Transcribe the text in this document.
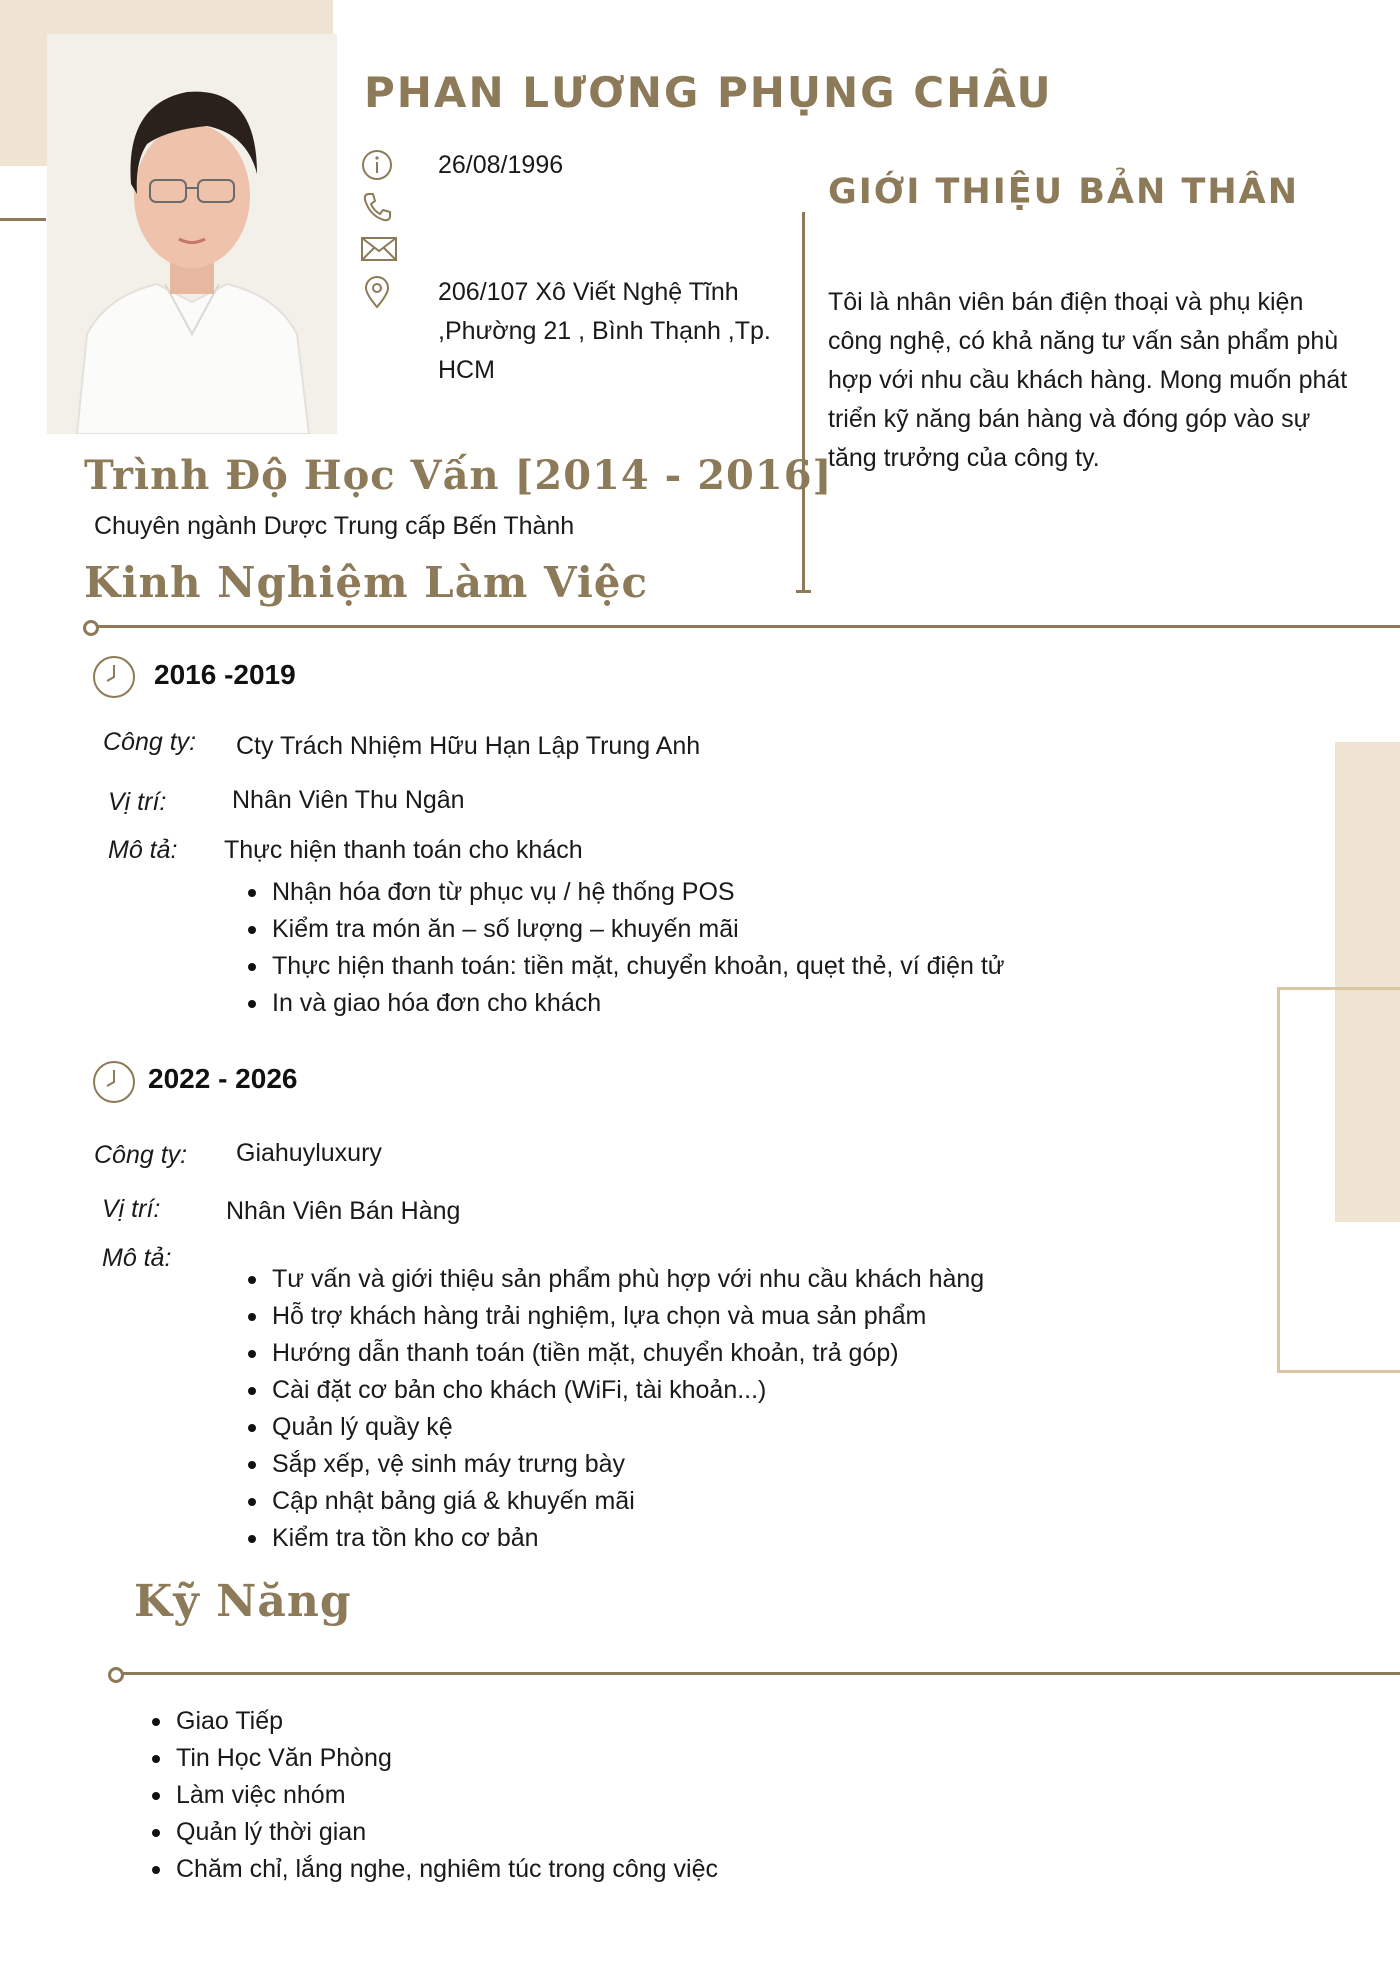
PHAN LƯƠNG PHỤNG CHÂU
26/08/1996
206/107 Xô Viết Nghệ Tĩnh ,Phường 21 , Bình Thạnh ,Tp. HCM
GIỚI THIỆU BẢN THÂN

Tôi là nhân viên bán điện thoại và phụ kiện công nghệ, có khả năng tư vấn sản phẩm phù hợp với nhu cầu khách hàng. Mong muốn phát triển kỹ năng bán hàng và đóng góp vào sự tăng trưởng của công ty.

Trình Độ Học Vấn [2014 - 2016]
Chuyên ngành Dược Trung cấp Bến Thành
Kinh Nghiệm Làm Việc
2016 -2019
Công ty: Cty Trách Nhiệm Hữu Hạn Lập Trung Anh
Vị trí:	Nhân Viên Thu Ngân
Mô tả: Thực hiện thanh toán cho khách
Nhận hóa đơn từ phục vụ / hệ thống POS
Kiểm tra món ăn – số lượng – khuyến mãi
Thực hiện thanh toán: tiền mặt, chuyển khoản, quẹt thẻ, ví điện tử
In và giao hóa đơn cho khách
2022 - 2026
Công ty: Giahuyluxury
Vị trí:	Nhân Viên Bán Hàng
Mô tả:
Tư vấn và giới thiệu sản phẩm phù hợp với nhu cầu khách hàng
Hỗ trợ khách hàng trải nghiệm, lựa chọn và mua sản phẩm
Hướng dẫn thanh toán (tiền mặt, chuyển khoản, trả góp)
Cài đặt cơ bản cho khách (WiFi, tài khoản...)
Quản lý quầy kệ
Sắp xếp, vệ sinh máy trưng bày
Cập nhật bảng giá & khuyến mãi
Kiểm tra tồn kho cơ bản
Kỹ Năng
Giao Tiếp
Tin Học Văn Phòng
Làm việc nhóm
Quản lý thời gian
Chăm chỉ, lắng nghe, nghiêm túc trong công việc
